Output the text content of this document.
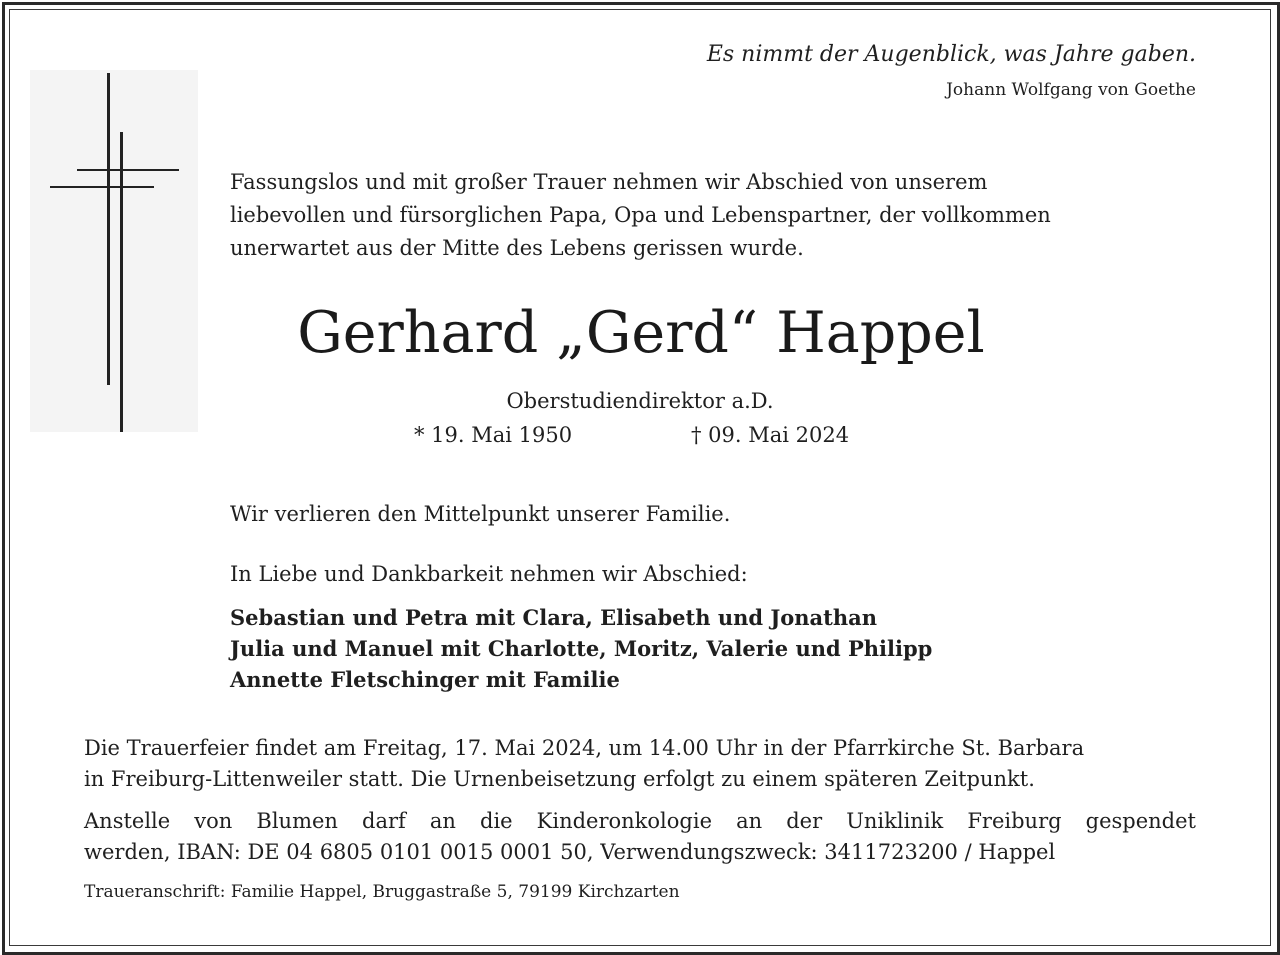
Es nimmt der Augenblick, was Jahre gaben.
Johann Wolfgang von Goethe
Fassungslos und mit großer Trauer nehmen wir Abschied von unserem
liebevollen und fürsorglichen Papa, Opa und Lebenspartner, der vollkommen
unerwartet aus der Mitte des Lebens gerissen wurde.
Gerhard „Gerd“ Happel
Oberstudiendirektor a.D.
* 19. Mai 1950	† 09. Mai 2024
Wir verlieren den Mittelpunkt unserer Familie.
In Liebe und Dankbarkeit nehmen wir Abschied:
Sebastian und Petra mit Clara, Elisabeth und Jonathan
Julia und Manuel mit Charlotte, Moritz, Valerie und Philipp
Annette Fletschinger mit Familie
Die Trauerfeier findet am Freitag, 17. Mai 2024, um 14.00 Uhr in der Pfarrkirche St. Barbara
in Freiburg-Littenweiler statt. Die Urnenbeisetzung erfolgt zu einem späteren Zeitpunkt.
Anstelle von Blumen darf an die Kinderonkologie an der Uniklinik Freiburg gespendet
werden, IBAN: DE 04 6805 0101 0015 0001 50, Verwendungszweck: 3411723200 / Happel
Traueranschrift: Familie Happel, Bruggastraße 5, 79199 Kirchzarten
